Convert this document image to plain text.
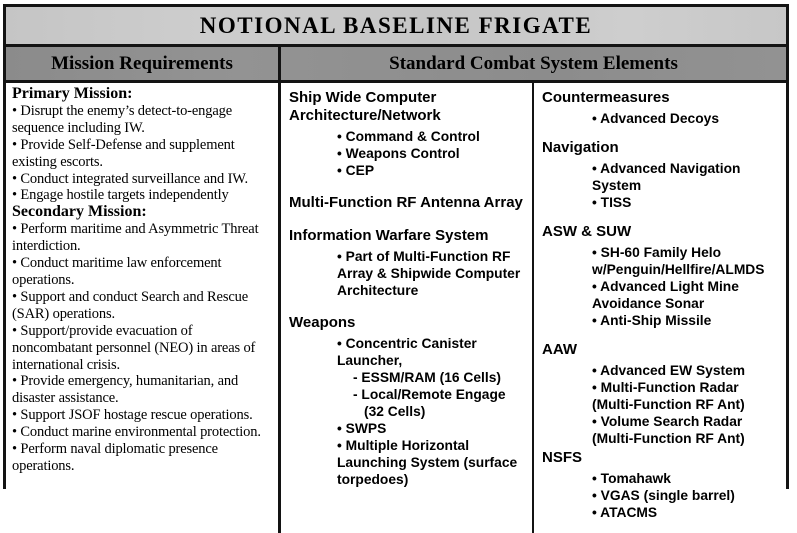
NOTIONAL BASELINE FRIGATE
Mission Requirements	Standard Combat System Elements
Primary Mission:
• Disrupt the enemy’s detect-to-engage sequence including IW.
• Provide Self-Defense and supplement existing escorts.
• Conduct integrated surveillance and IW.
• Engage hostile targets independently
Secondary Mission:
• Perform maritime and Asymmetric Threat interdiction.
• Conduct maritime law enforcement operations.
• Support and conduct Search and Rescue (SAR) operations.
• Support/provide evacuation of noncombatant personnel (NEO) in areas of international crisis.
• Provide emergency, humanitarian, and disaster assistance.
• Support JSOF hostage rescue operations.
• Conduct marine environmental protection.
• Perform naval diplomatic presence operations.
Ship Wide Computer Architecture/Network
• Command & Control
• Weapons Control
• CEP
Multi-Function RF Antenna Array
Information Warfare System
• Part of Multi-Function RF Array & Shipwide Computer Architecture
Weapons
• Concentric Canister Launcher,
- ESSM/RAM (16 Cells)
- Local/Remote Engage (32 Cells)
• SWPS
• Multiple Horizontal Launching System (surface torpedoes)
Countermeasures
• Advanced Decoys
Navigation
• Advanced Navigation System
• TISS
ASW & SUW
• SH-60 Family Helo w/Penguin/Hellfire/ALMDS
• Advanced Light Mine Avoidance Sonar
• Anti-Ship Missile
AAW
• Advanced EW System
• Multi-Function Radar (Multi-Function RF Ant)
• Volume Search Radar (Multi-Function RF Ant)
NSFS
• Tomahawk
• VGAS (single barrel)
• ATACMS
